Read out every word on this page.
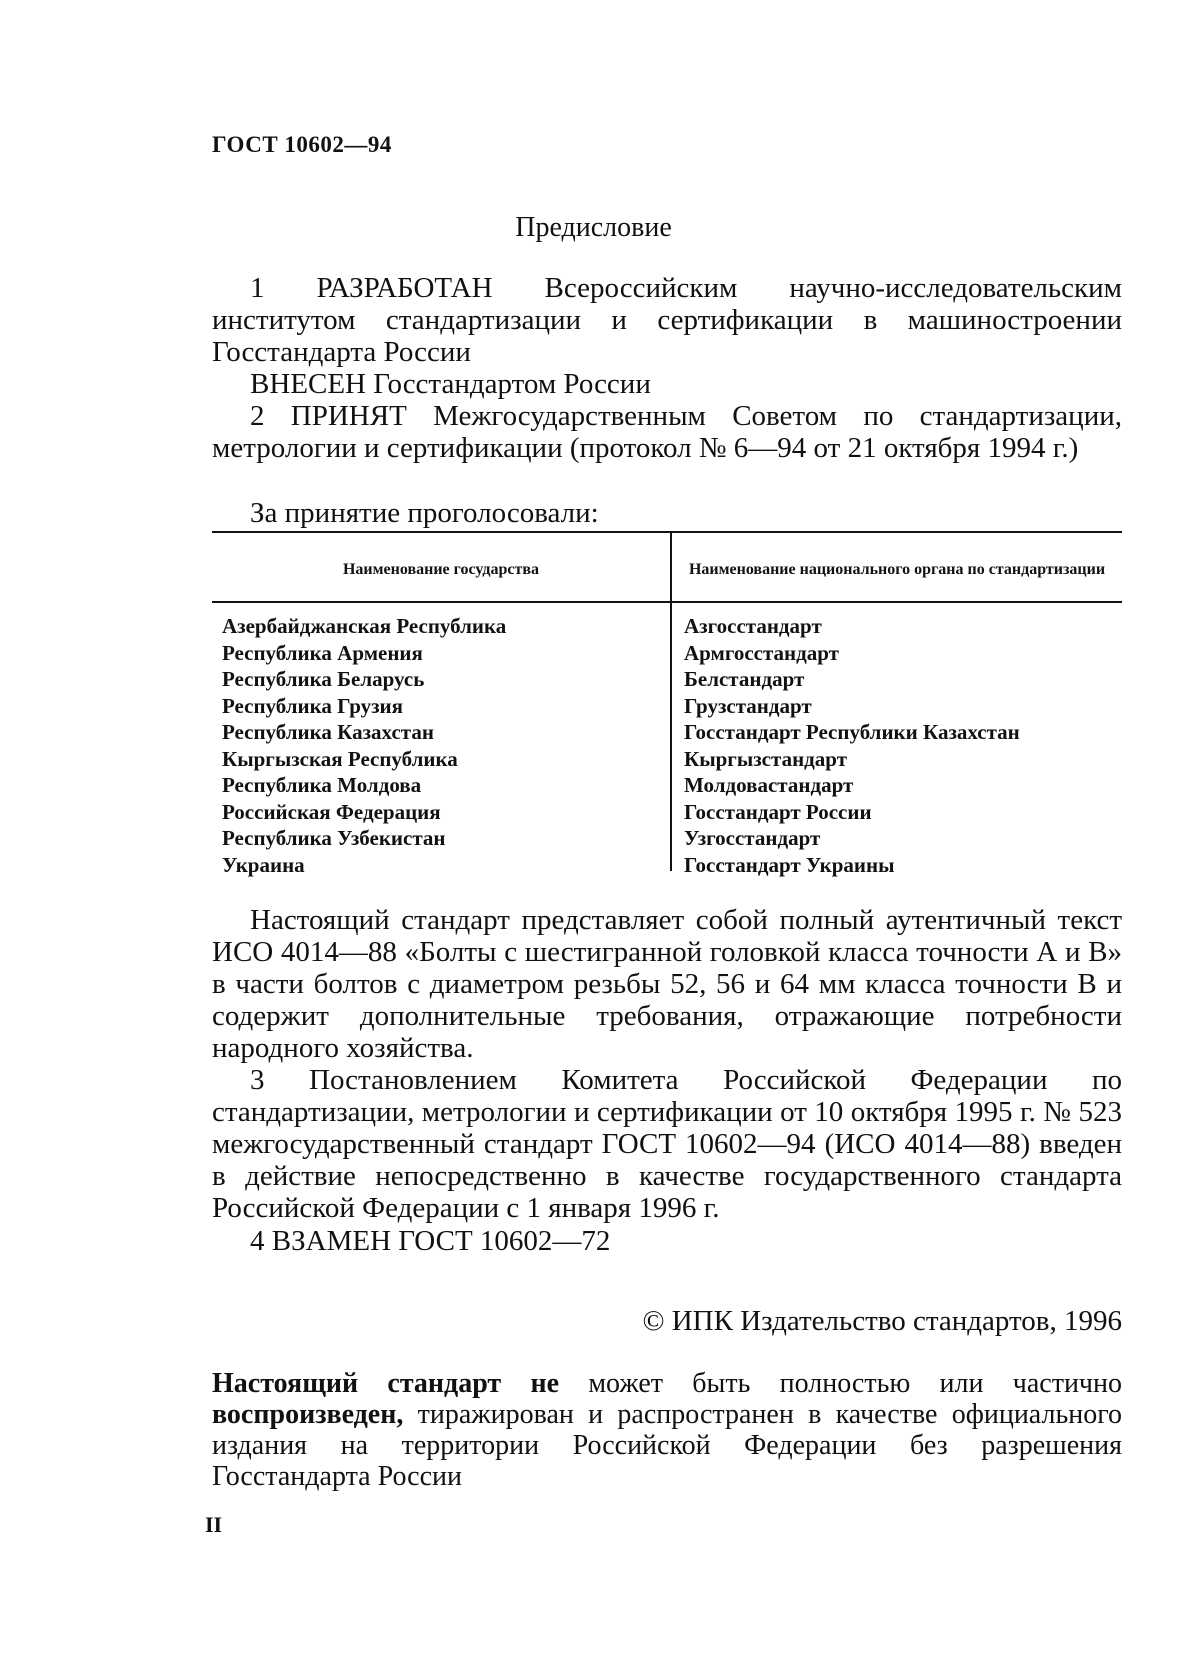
ГОСТ 10602—94
Предисловие
1 РАЗРАБОТАН Всероссийским научно-исследовательским институтом стандартизации и сертификации в машиностроении Госстандарта России
ВНЕСЕН Госстандартом России
2 ПРИНЯТ Межгосударственным Советом по стандартизации, метрологии и сертификации (протокол № 6—94 от 21 октября 1994 г.)
За принятие проголосовали:
Наименование государства	Наименование национального органа по стандартизации
Азербайджанская Республика
Республика Армения
Республика Беларусь
Республика Грузия
Республика Казахстан
Кыргызская Республика
Республика Молдова
Российская Федерация
Республика Узбекистан
Украина
Азгосстандарт
Армгосстандарт
Белстандарт
Грузстандарт
Госстандарт Республики Казахстан
Кыргызстандарт
Молдовастандарт
Госстандарт России
Узгосстандарт
Госстандарт Украины
Настоящий стандарт представляет собой полный аутентичный текст ИСО 4014—88 «Болты с шестигранной головкой класса точности А и В» в части болтов с диаметром резьбы 52, 56 и 64 мм класса точности В и содержит дополнительные требования, отражающие потребности народного хозяйства.
3 Постановлением Комитета Российской Федерации по стандартизации, метрологии и сертификации от 10 октября 1995 г. № 523 межгосударственный стандарт ГОСТ 10602—94 (ИСО 4014—88) введен в действие непосредственно в качестве государственного стандарта Российской Федерации с 1 января 1996 г.
4 ВЗАМЕН ГОСТ 10602—72
© ИПК Издательство стандартов, 1996
Настоящий стандарт не может быть полностью или частично воспроизведен, тиражирован и распространен в качестве официального издания на территории Российской Федерации без разрешения Госстандарта России
II
